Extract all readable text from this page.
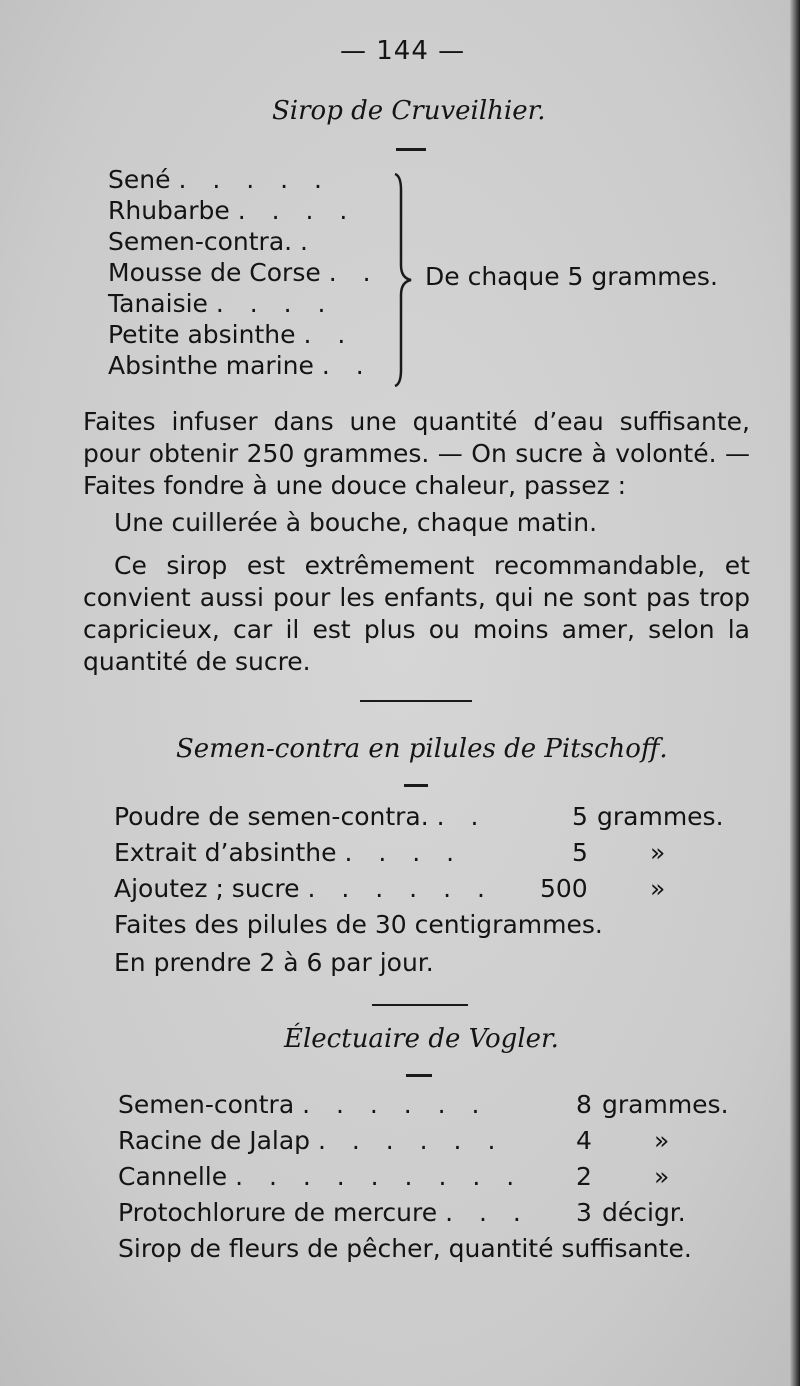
— 144 —
Sirop de Cruveilhier.
Sené . . . . .
Rhubarbe . . . .
Semen-contra. .
Mousse de Corse . .
Tanaisie . . . .
Petite absinthe . .
Absinthe marine . .
De chaque 5 grammes.
Faites infuser dans une quantité d’eau suffisante, pour obtenir 250 grammes. — On sucre à volonté. — Faites fondre à une douce chaleur, passez :
Une cuillerée à bouche, chaque matin.
Ce sirop est extrêmement recommandable, et convient aussi pour les enfants, qui ne sont pas trop capricieux, car il est plus ou moins amer, selon la quantité de sucre.
Semen-contra en pilules de Pitschoff.
Poudre de semen-contra. . .	5 grammes.
Extrait d’absinthe . . . .	5 »
Ajoutez ; sucre . . . . . . 500 »
Faites des pilules de 30 centigrammes.
En prendre 2 à 6 par jour.
Électuaire de Vogler.
Semen-contra . . . . . .	8 grammes.
Racine de Jalap . . . . . .	4 »
Cannelle . . . . . . . . . 2 »
Protochlorure de mercure . . . 3 décigr.
Sirop de fleurs de pêcher, quantité suffisante.
